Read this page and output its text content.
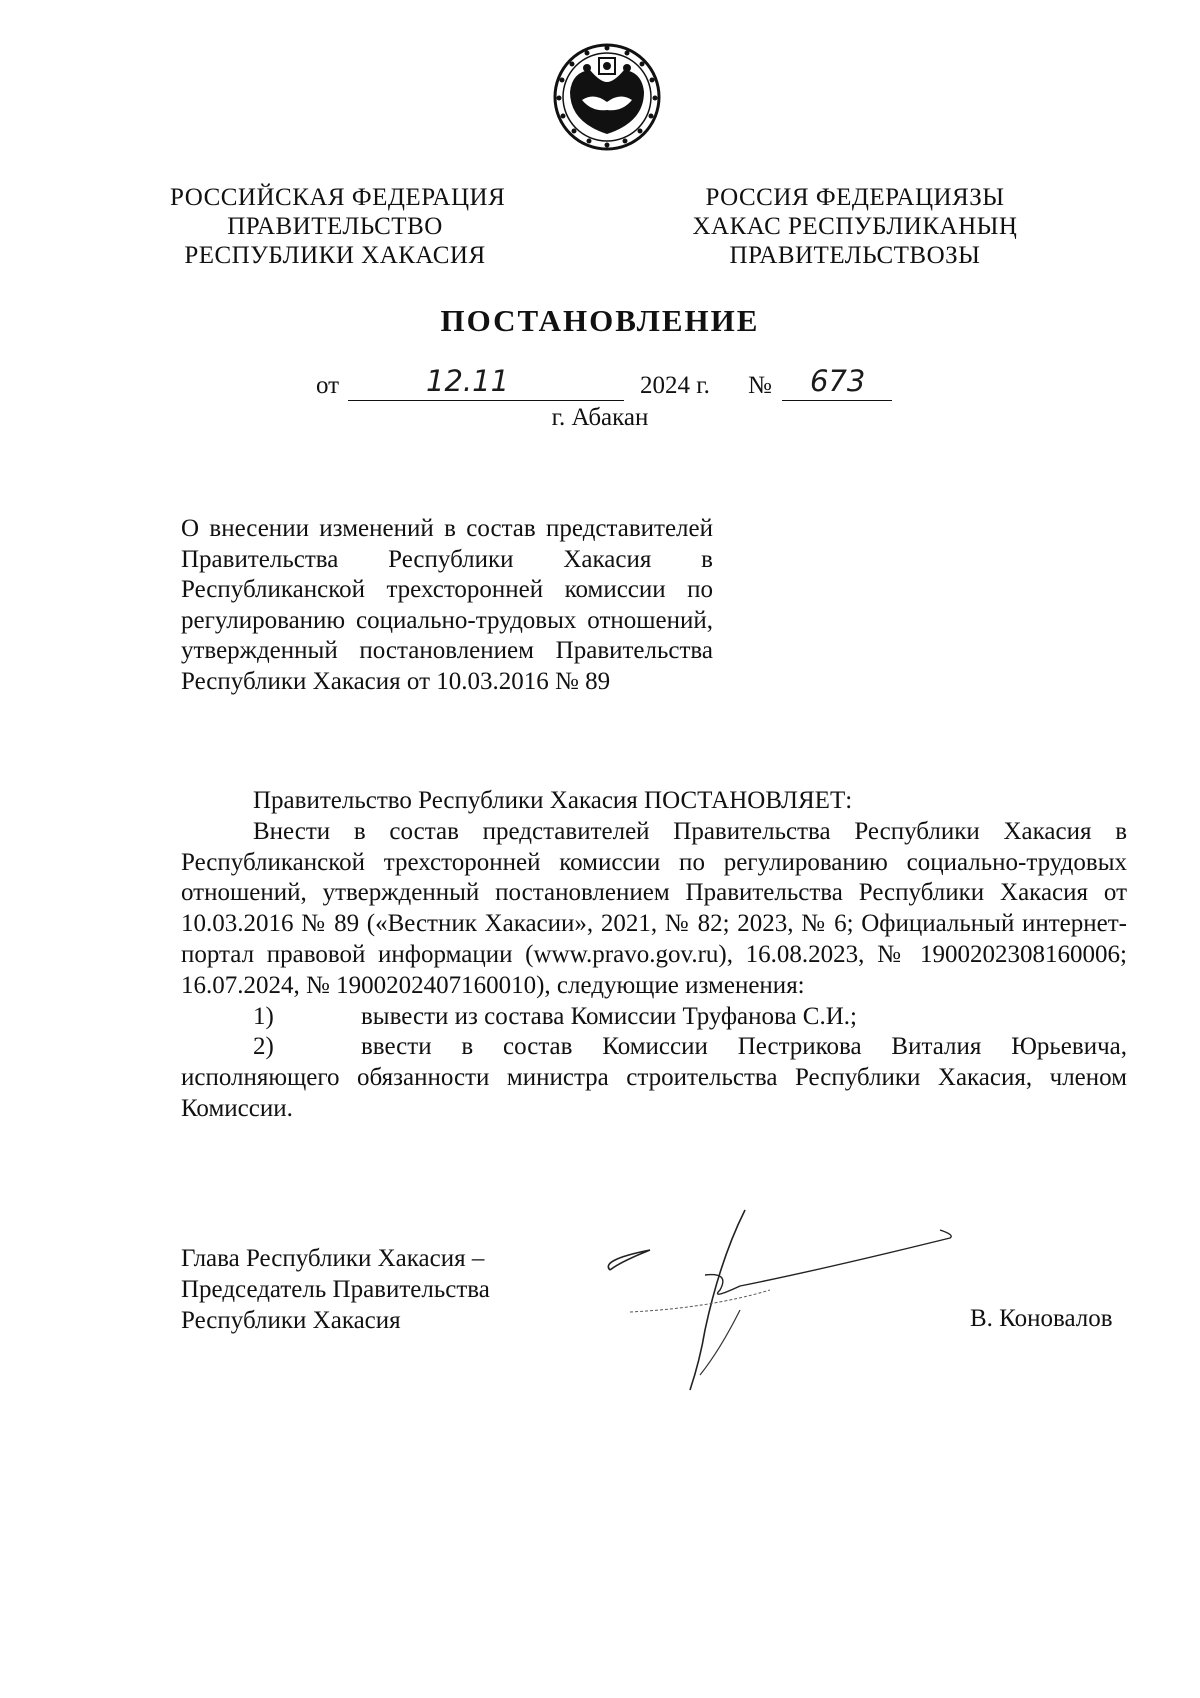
РОССИЙСКАЯ ФЕДЕРАЦИЯ
ПРАВИТЕЛЬСТВО
РЕСПУБЛИКИ ХАКАСИЯ
РОССИЯ ФЕДЕРАЦИЯЗЫ
ХАКАС РЕСПУБЛИКАНЫҢ
ПРАВИТЕЛЬСТВОЗЫ
ПОСТАНОВЛЕНИЕ
от	12.11	2024 г. № 673
г. Абакан
О внесении изменений в состав представителей Правительства Республики Хакасия в Республиканской трехсторонней комиссии по регулированию социально-трудовых отношений, утвержденный постановлением Правительства Республики Хакасия от 10.03.2016 № 89

Правительство Республики Хакасия ПОСТАНОВЛЯЕТ:

Внести в состав представителей Правительства Республики Хакасия в Республиканской трехсторонней комиссии по регулированию социально-трудовых отношений, утвержденный постановлением Правительства Республики Хакасия от 10.03.2016 № 89 («Вестник Хакасии», 2021, № 82; 2023, № 6; Официальный интернет-портал правовой информации (www.pravo.gov.ru), 16.08.2023, № 1900202308160006; 16.07.2024, № 1900202407160010), следующие изменения:

1)	вывести из состава Комиссии Труфанова С.И.;

2)	ввести в состав Комиссии Пестрикова Виталия Юрьевича, исполняющего обязанности министра строительства Республики Хакасия, членом Комиссии.

Глава Республики Хакасия –
Председатель Правительства
Республики Хакасия	В. Коновалов
